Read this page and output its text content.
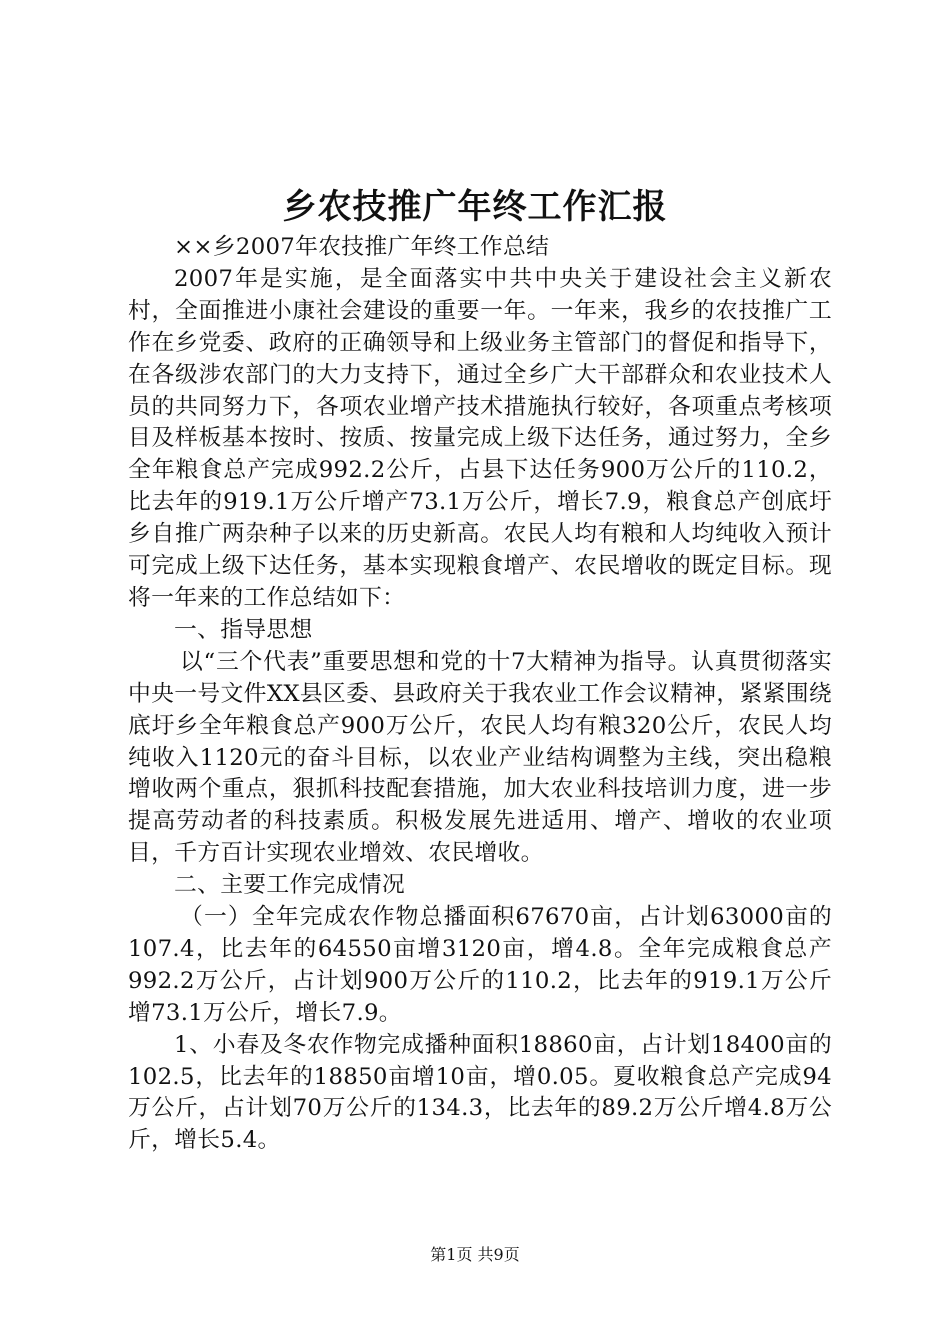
乡农技推广年终工作汇报

××乡2007年农技推广年终工作总结

2007年是实施，是全面落实中共中央关于建设社会主义新农村，全面推进小康社会建设的重要一年。一年来，我乡的农技推广工作在乡党委、政府的正确领导和上级业务主管部门的督促和指导下，在各级涉农部门的大力支持下，通过全乡广大干部群众和农业技术人员的共同努力下，各项农业增产技术措施执行较好，各项重点考核项目及样板基本按时、按质、按量完成上级下达任务，通过努力，全乡全年粮食总产完成992.2公斤，占县下达任务900万公斤的110.2，比去年的919.1万公斤增产73.1万公斤，增长7.9，粮食总产创底圩乡自推广两杂种子以来的历史新高。农民人均有粮和人均纯收入预计可完成上级下达任务，基本实现粮食增产、农民增收的既定目标。现将一年来的工作总结如下：

一、指导思想

以“三个代表”重要思想和党的十7大精神为指导。认真贯彻落实中央一号文件XX县区委、县政府关于我农业工作会议精神，紧紧围绕底圩乡全年粮食总产900万公斤，农民人均有粮320公斤，农民人均纯收入1120元的奋斗目标，以农业产业结构调整为主线，突出稳粮增收两个重点，狠抓科技配套措施，加大农业科技培训力度，进一步提高劳动者的科技素质。积极发展先进适用、增产、增收的农业项目，千方百计实现农业增效、农民增收。

二、主要工作完成情况

（一）全年完成农作物总播面积67670亩，占计划63000亩的107.4，比去年的64550亩增3120亩，增4.8。全年完成粮食总产992.2万公斤，占计划900万公斤的110.2，比去年的919.1万公斤增73.1万公斤，增长7.9。

1、小春及冬农作物完成播种面积18860亩，占计划18400亩的102.5，比去年的18850亩增10亩，增0.05。夏收粮食总产完成94万公斤，占计划70万公斤的134.3，比去年的89.2万公斤增4.8万公斤，增长5.4。

第1页 共9页
